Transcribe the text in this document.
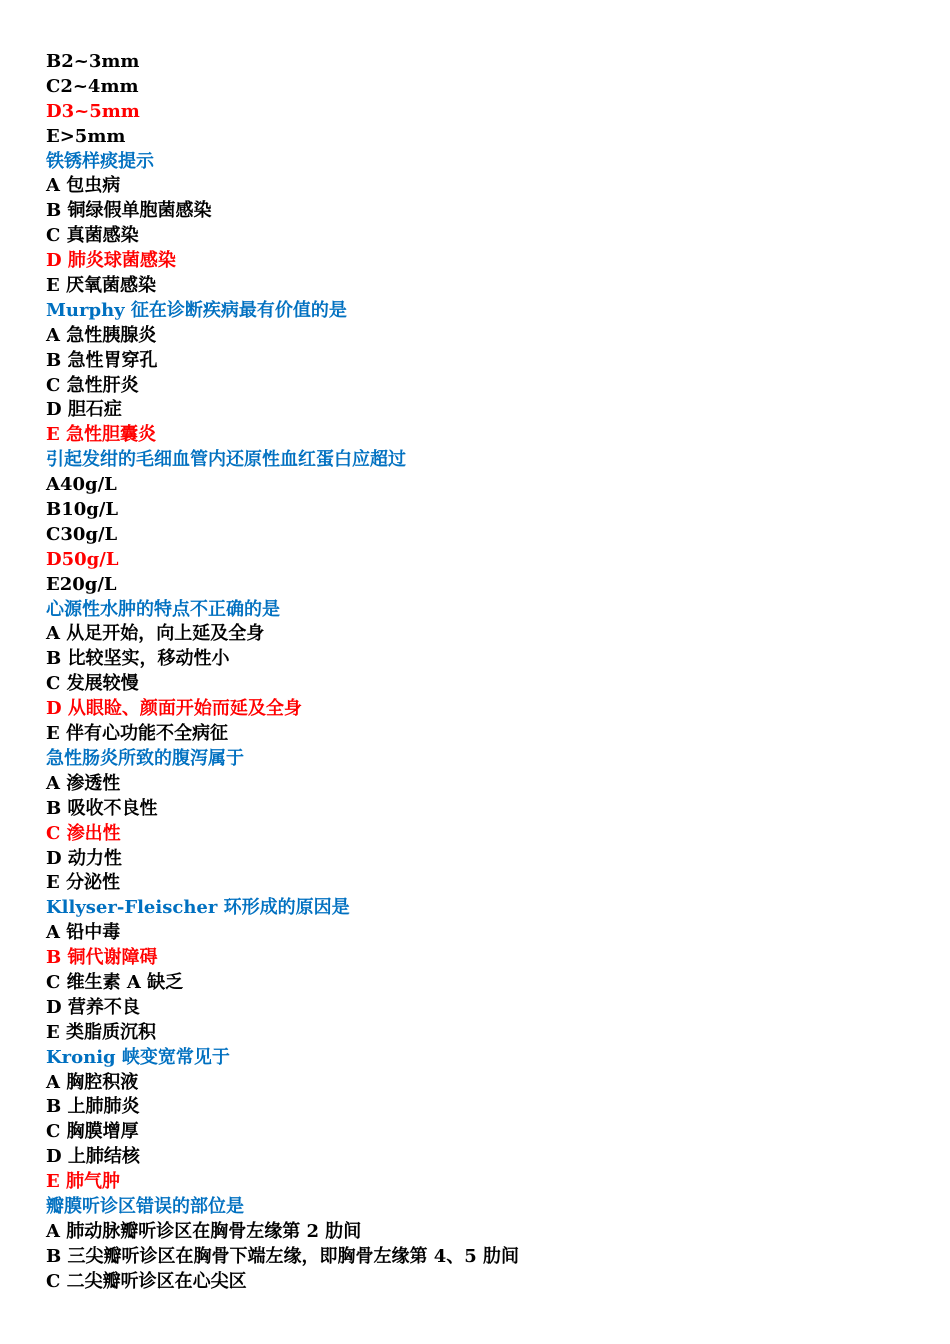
B2~3mm
C2~4mm
D3~5mm
E>5mm
铁锈样痰提示
A 包虫病
B 铜绿假单胞菌感染
C 真菌感染
D 肺炎球菌感染
E 厌氧菌感染
Murphy 征在诊断疾病最有价值的是
A 急性胰腺炎
B 急性胃穿孔
C 急性肝炎
D 胆石症
E 急性胆囊炎
引起发绀的毛细血管内还原性血红蛋白应超过
A40g/L
B10g/L
C30g/L
D50g/L
E20g/L
心源性水肿的特点不正确的是
A 从足开始，向上延及全身
B 比较坚实，移动性小
C 发展较慢
D 从眼睑、颜面开始而延及全身
E 伴有心功能不全病征
急性肠炎所致的腹泻属于
A 渗透性
B 吸收不良性
C 渗出性
D 动力性
E 分泌性
Kllyser-Fleischer 环形成的原因是
A 铅中毒
B 铜代谢障碍
C 维生素 A 缺乏
D 营养不良
E 类脂质沉积
Kronig 峡变宽常见于
A 胸腔积液
B 上肺肺炎
C 胸膜增厚
D 上肺结核
E 肺气肿
瓣膜听诊区错误的部位是
A 肺动脉瓣听诊区在胸骨左缘第 2 肋间
B 三尖瓣听诊区在胸骨下端左缘，即胸骨左缘第 4、5 肋间
C 二尖瓣听诊区在心尖区
